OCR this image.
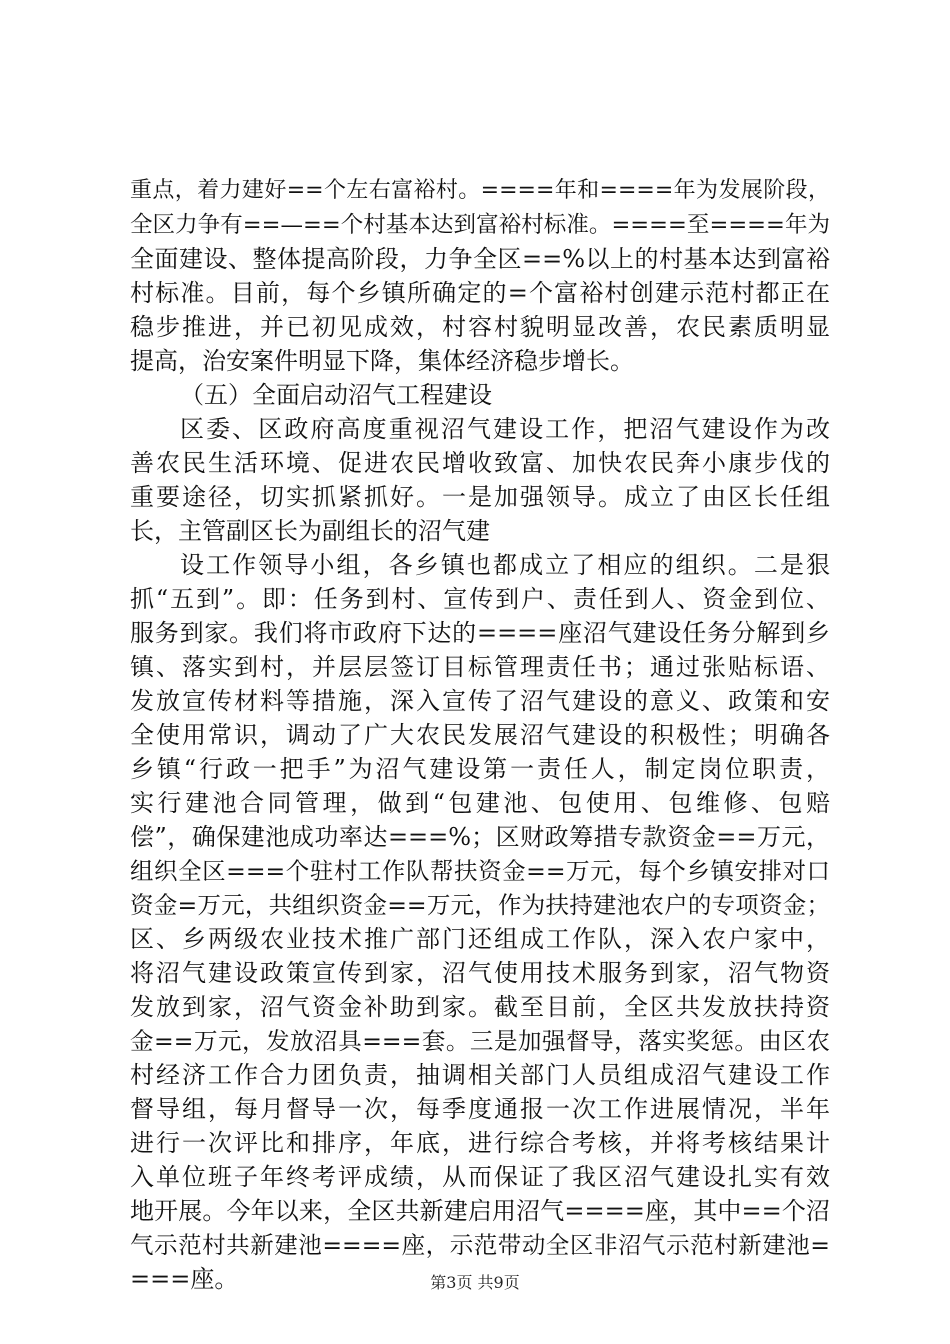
重点，着力建好==个左右富裕村。====年和====年为发展阶段，
全区力争有==—==个村基本达到富裕村标准。====至====年为
全面建设、整体提高阶段，力争全区==%以上的村基本达到富裕
村标准。目前，每个乡镇所确定的=个富裕村创建示范村都正在
稳步推进，并已初见成效，村容村貌明显改善，农民素质明显
提高，治安案件明显下降，集体经济稳步增长。
（五）全面启动沼气工程建设
区委、区政府高度重视沼气建设工作，把沼气建设作为改
善农民生活环境、促进农民增收致富、加快农民奔小康步伐的
重要途径，切实抓紧抓好。一是加强领导。成立了由区长任组
长，主管副区长为副组长的沼气建
设工作领导小组，各乡镇也都成立了相应的组织。二是狠
抓“五到”。即：任务到村、宣传到户、责任到人、资金到位、
服务到家。我们将市政府下达的====座沼气建设任务分解到乡
镇、落实到村，并层层签订目标管理责任书；通过张贴标语、
发放宣传材料等措施，深入宣传了沼气建设的意义、政策和安
全使用常识，调动了广大农民发展沼气建设的积极性；明确各
乡镇“行政一把手”为沼气建设第一责任人，制定岗位职责，
实行建池合同管理，做到“包建池、包使用、包维修、包赔
偿”，确保建池成功率达===%；区财政筹措专款资金==万元，
组织全区===个驻村工作队帮扶资金==万元，每个乡镇安排对口
资金=万元，共组织资金==万元，作为扶持建池农户的专项资金；
区、乡两级农业技术推广部门还组成工作队，深入农户家中，
将沼气建设政策宣传到家，沼气使用技术服务到家，沼气物资
发放到家，沼气资金补助到家。截至目前，全区共发放扶持资
金==万元，发放沼具===套。三是加强督导，落实奖惩。由区农
村经济工作合力团负责，抽调相关部门人员组成沼气建设工作
督导组，每月督导一次，每季度通报一次工作进展情况，半年
进行一次评比和排序，年底，进行综合考核，并将考核结果计
入单位班子年终考评成绩，从而保证了我区沼气建设扎实有效
地开展。今年以来，全区共新建启用沼气====座，其中==个沼
气示范村共新建池====座，示范带动全区非沼气示范村新建池=
===座。	第3页 共9页
